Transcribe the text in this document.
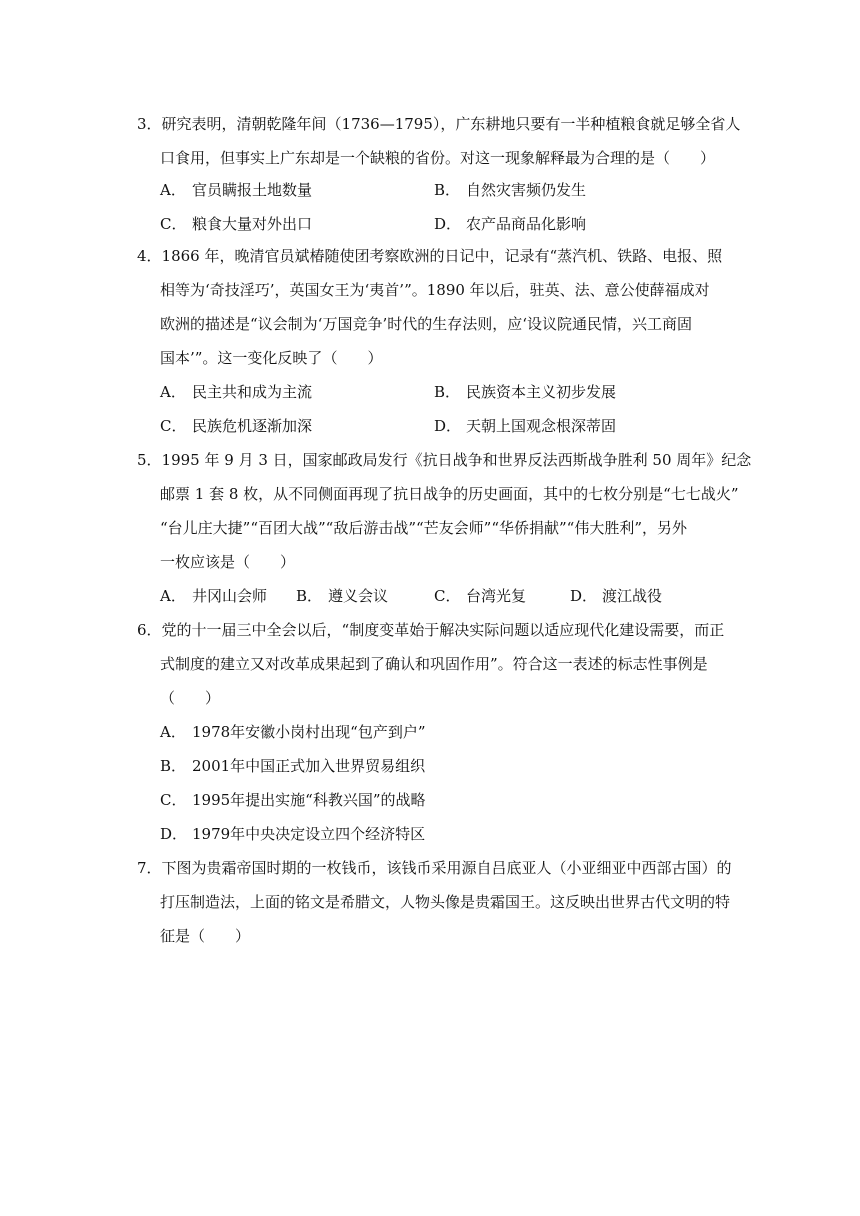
3．研究表明，清朝乾隆年间（1736—1795），广东耕地只要有一半种植粮食就足够全省人
口食用，但事实上广东却是一个缺粮的省份。对这一现象解释最为合理的是（　　）
A． 官员瞒报土地数量	B． 自然灾害频仍发生
C． 粮食大量对外出口	D． 农产品商品化影响
4．1866 年，晚清官员斌椿随使团考察欧洲的日记中，记录有“蒸汽机、铁路、电报、照
相等为‘奇技淫巧’，英国女王为‘夷首’”。1890 年以后，驻英、法、意公使薛福成对
欧洲的描述是“议会制为‘万国竞争’时代的生存法则，应‘设议院通民情，兴工商固
国本’”。这一变化反映了（　　）
A． 民主共和成为主流	B． 民族资本主义初步发展
C． 民族危机逐渐加深	D． 天朝上国观念根深蒂固
5．1995 年 9 月 3 日，国家邮政局发行《抗日战争和世界反法西斯战争胜利 50 周年》纪念
邮票 1 套 8 枚，从不同侧面再现了抗日战争的历史画面，其中的七枚分别是“七七战火”
“台儿庄大捷”“百团大战”“敌后游击战”“芒友会师”“华侨捐献”“伟大胜利”，另外
一枚应该是（　　）
A． 井冈山会师 B． 遵义会议	C． 台湾光复	D． 渡江战役
6．党的十一届三中全会以后，“制度变革始于解决实际问题以适应现代化建设需要，而正
式制度的建立又对改革成果起到了确认和巩固作用”。符合这一表述的标志性事例是
（　　）
A． 1978年安徽小岗村出现“包产到户”
B． 2001年中国正式加入世界贸易组织
C． 1995年提出实施“科教兴国”的战略
D． 1979年中央决定设立四个经济特区
7．下图为贵霜帝国时期的一枚钱币，该钱币采用源自吕底亚人（小亚细亚中西部古国）的
打压制造法，上面的铭文是希腊文，人物头像是贵霜国王。这反映出世界古代文明的特
征是（　　）
